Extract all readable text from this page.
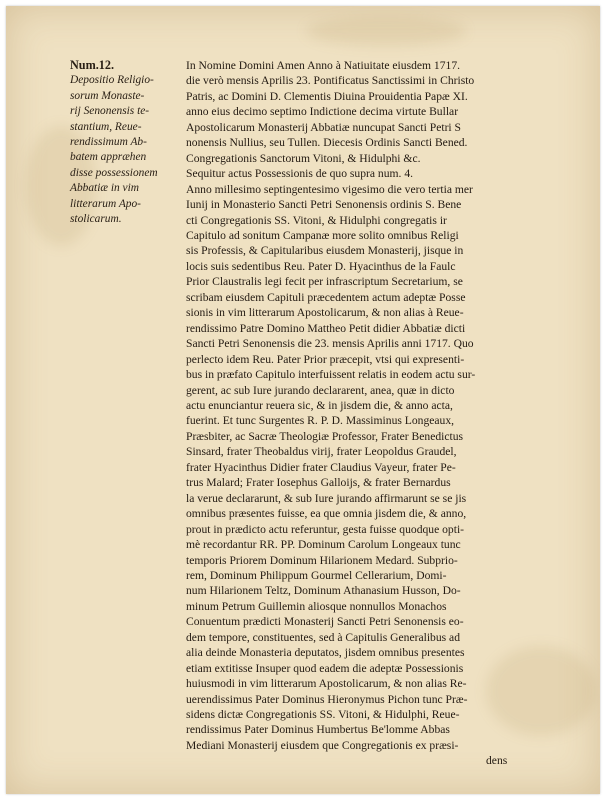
Num.12.
Depositio Religio-
sorum Monaste-
rij Senonensis te-
stantium, Reue-
rendissimum Ab-
batem appræhen
disse possessionem
Abbatiæ in vim
litterarum Apo-
stolicarum.
In Nomine Domini Amen Anno à Natiuitate eiusdem 1717.
die verò mensis Aprilis 23. Pontificatus Sanctissimi in Christo
Patris, ac Domini D. Clementis Diuina Prouidentia Papæ XI.
anno eius decimo septimo Indictione decima virtute Bullar
Apostolicarum Monasterij Abbatiæ nuncupat Sancti Petri S
nonensis Nullius, seu Tullen. Diecesis Ordinis Sancti Bened.
Congregationis Sanctorum Vitoni, & Hidulphi &c.
Sequitur actus Possessionis de quo supra num. 4.
Anno millesimo septingentesimo vigesimo die vero tertia mer
Iunij in Monasterio Sancti Petri Senonensis ordinis S. Bene
cti Congregationis SS. Vitoni, & Hidulphi congregatis ir
Capitulo ad sonitum Campanæ more solito omnibus Religi
sis Professis, & Capitularibus eiusdem Monasterij, jisque in
locis suis sedentibus Reu. Pater D. Hyacinthus de la Faulc
Prior Claustralis legi fecit per infrascriptum Secretarium, se
scribam eiusdem Capituli præcedentem actum adeptæ Posse
sionis in vim litterarum Apostolicarum, & non alias à Reue-
rendissimo Patre Domino Mattheo Petit didier Abbatiæ dicti
Sancti Petri Senonensis die 23. mensis Aprilis anni 1717. Quo
perlecto idem Reu. Pater Prior præcepit, vtsi qui expresenti-
bus in præfato Capitulo interfuissent relatis in eodem actu sur-
gerent, ac sub Iure jurando declararent, anea, quæ in dicto
actu enunciantur reuera sic, & in jisdem die, & anno acta,
fuerint. Et tunc Surgentes R. P. D. Massiminus Longeaux,
Præsbiter, ac Sacræ Theologiæ Professor, Frater Benedictus
Sinsard, frater Theobaldus virij, frater Leopoldus Graudel,
frater Hyacinthus Didier frater Claudius Vayeur, frater Pe-
trus Malard; Frater Iosephus Galloijs, & frater Bernardus
la verue declararunt, & sub Iure jurando affirmarunt se se jis
omnibus præsentes fuisse, ea que omnia jisdem die, & anno,
prout in prædicto actu referuntur, gesta fuisse quodque opti-
mè recordantur RR. PP. Dominum Carolum Longeaux tunc
temporis Priorem Dominum Hilarionem Medard. Subprio-
rem, Dominum Philippum Gourmel Cellerarium, Domi-
num Hilarionem Teltz, Dominum Athanasium Husson, Do-
minum Petrum Guillemin aliosque nonnullos Monachos
Conuentum prædicti Monasterij Sancti Petri Senonensis eo-
dem tempore, constituentes, sed à Capitulis Generalibus ad
alia deinde Monasteria deputatos, jisdem omnibus presentes
etiam extitisse Insuper quod eadem die adeptæ Possessionis
huiusmodi in vim litterarum Apostolicarum, & non alias Re-
uerendissimus Pater Dominus Hieronymus Pichon tunc Præ-
sidens dictæ Congregationis SS. Vitoni, & Hidulphi, Reue-
rendissimus Pater Dominus Humbertus Be'lomme Abbas
Mediani Monasterij eiusdem que Congregationis ex præsi-
dens
